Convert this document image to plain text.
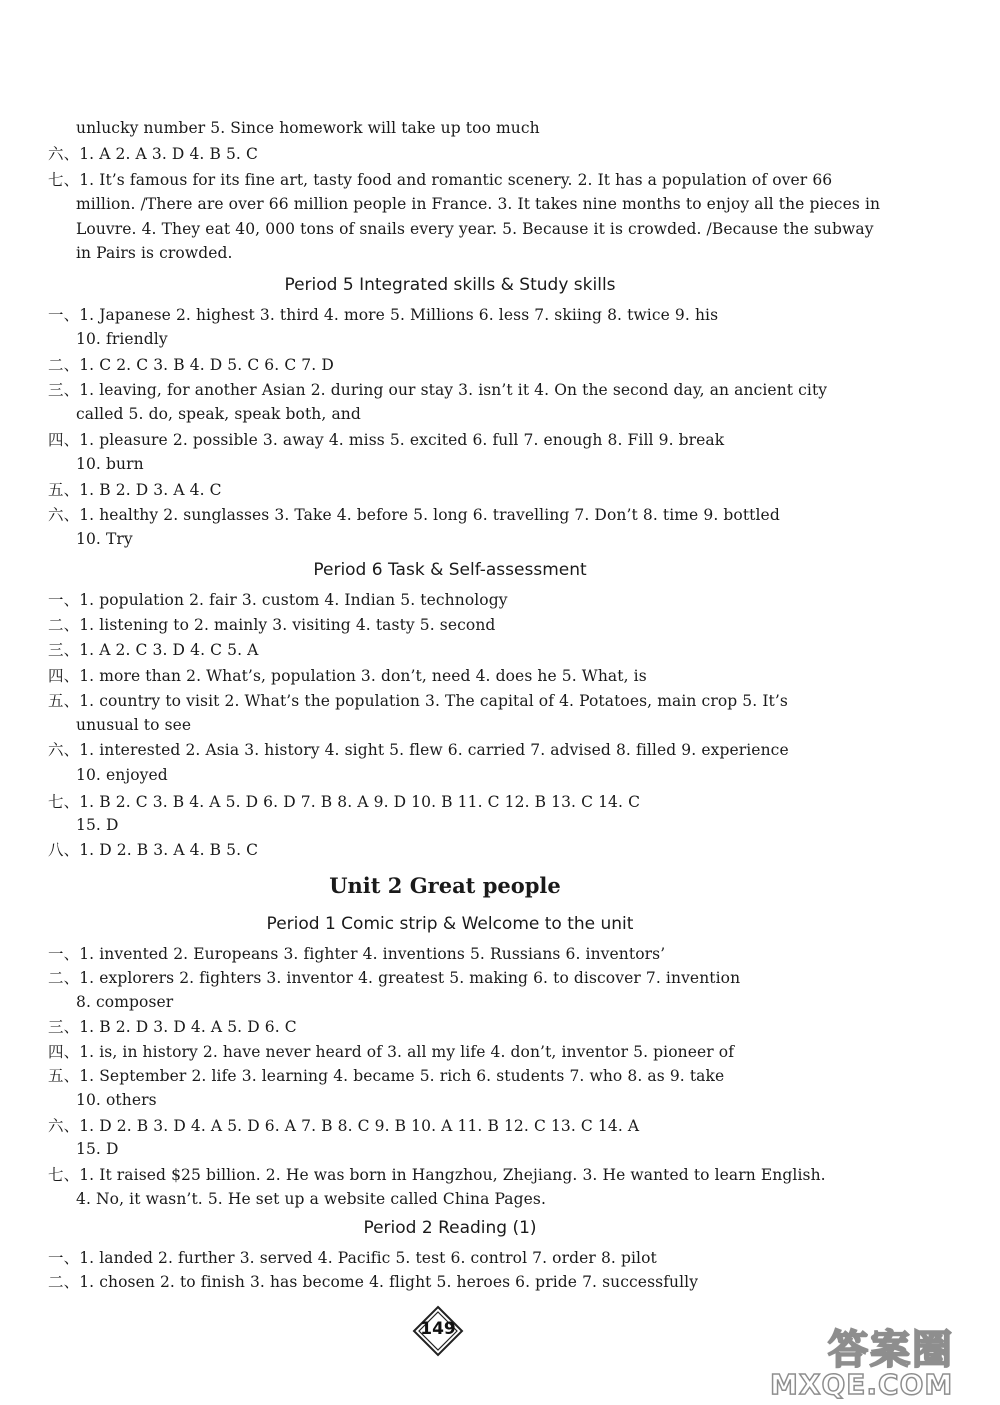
unlucky number 5. Since homework will take up too much
六、1. A 2. A 3. D 4. B 5. C
七、1. It’s famous for its fine art, tasty food and romantic scenery. 2. It has a population of over 66
million. /There are over 66 million people in France. 3. It takes nine months to enjoy all the pieces in
Louvre. 4. They eat 40, 000 tons of snails every year. 5. Because it is crowded. /Because the subway
in Pairs is crowded.
一、1. Japanese 2. highest 3. third 4. more 5. Millions 6. less 7. skiing 8. twice 9. his
10. friendly
二、1. C 2. C 3. B 4. D 5. C 6. C 7. D
三、1. leaving, for another Asian 2. during our stay 3. isn’t it 4. On the second day, an ancient city
called 5. do, speak, speak both, and
四、1. pleasure 2. possible 3. away 4. miss 5. excited 6. full 7. enough 8. Fill 9. break
10. burn
五、1. B 2. D 3. A 4. C
六、1. healthy 2. sunglasses 3. Take 4. before 5. long 6. travelling 7. Don’t 8. time 9. bottled
10. Try
一、1. population 2. fair 3. custom 4. Indian 5. technology
二、1. listening to 2. mainly 3. visiting 4. tasty 5. second
三、1. A 2. C 3. D 4. C 5. A
四、1. more than 2. What’s, population 3. don’t, need 4. does he 5. What, is
五、1. country to visit 2. What’s the population 3. The capital of 4. Potatoes, main crop 5. It’s
unusual to see
六、1. interested 2. Asia 3. history 4. sight 5. flew 6. carried 7. advised 8. filled 9. experience
10. enjoyed
七、1. B 2. C 3. B 4. A 5. D 6. D 7. B 8. A 9. D 10. B 11. C 12. B 13. C 14. C
15. D
八、1. D 2. B 3. A 4. B 5. C
一、1. invented 2. Europeans 3. fighter 4. inventions 5. Russians 6. inventors’
二、1. explorers 2. fighters 3. inventor 4. greatest 5. making 6. to discover 7. invention
8. composer
三、1. B 2. D 3. D 4. A 5. D 6. C
四、1. is, in history 2. have never heard of 3. all my life 4. don’t, inventor 5. pioneer of
五、1. September 2. life 3. learning 4. became 5. rich 6. students 7. who 8. as 9. take
10. others
六、1. D 2. B 3. D 4. A 5. D 6. A 7. B 8. C 9. B 10. A 11. B 12. C 13. C 14. A
15. D
七、1. It raised $25 billion. 2. He was born in Hangzhou, Zhejiang. 3. He wanted to learn English.
4. No, it wasn’t. 5. He set up a website called China Pages.
一、1. landed 2. further 3. served 4. Pacific 5. test 6. control 7. order 8. pilot
二、1. chosen 2. to finish 3. has become 4. flight 5. heroes 6. pride 7. successfully
Period 5 Integrated skills & Study skills
Period 6 Task & Self-assessment
Period 1 Comic strip & Welcome to the unit
Period 2 Reading (1)
Unit 2 Great people
149	答案圈
MXQE.COM
